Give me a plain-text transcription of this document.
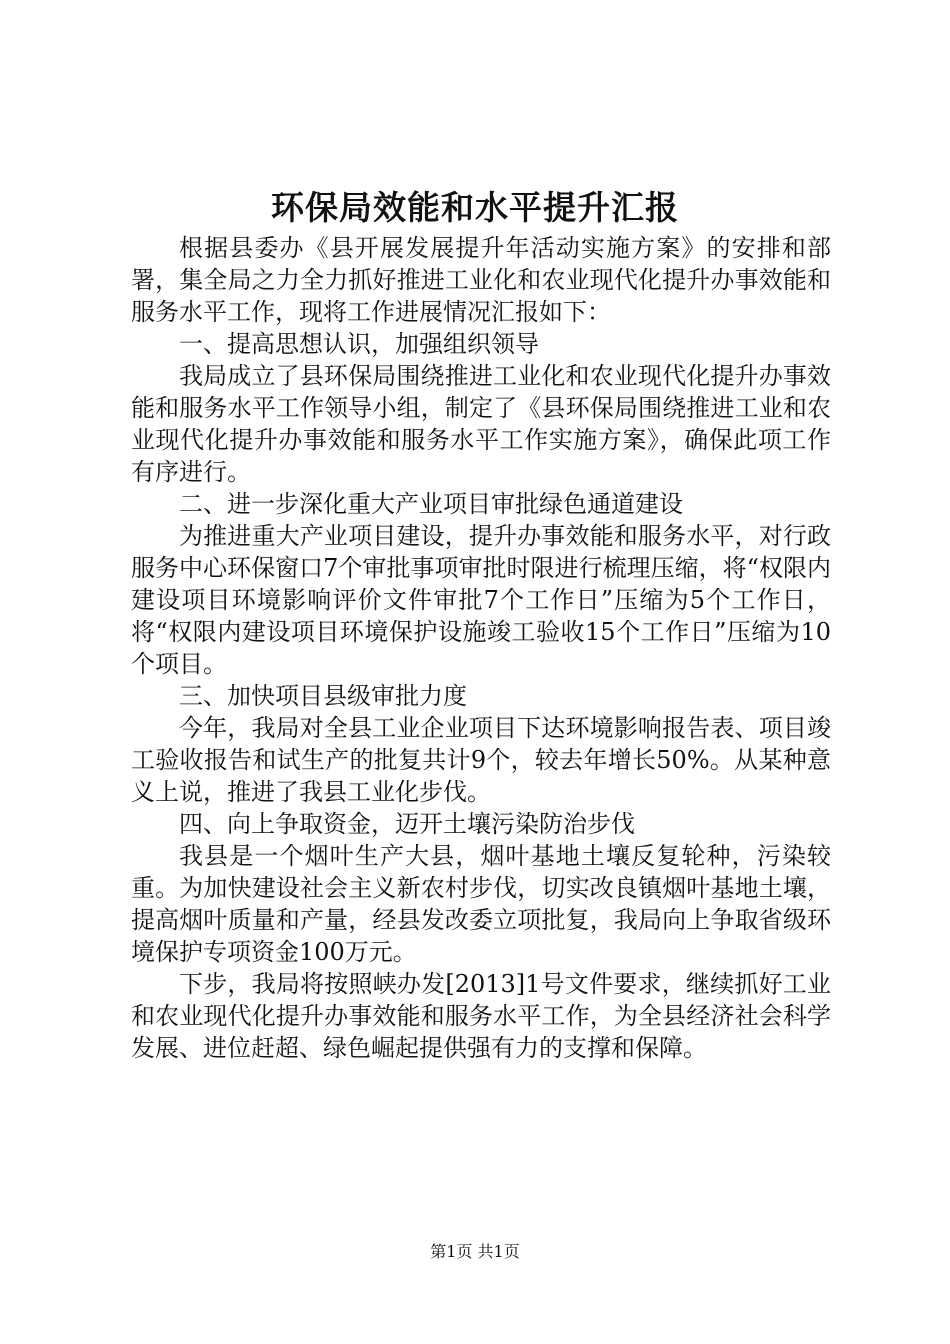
环保局效能和水平提升汇报

根据县委办《县开展发展提升年活动实施方案》的安排和部署，集全局之力全力抓好推进工业化和农业现代化提升办事效能和服务水平工作，现将工作进展情况汇报如下：

一、提高思想认识，加强组织领导

我局成立了县环保局围绕推进工业化和农业现代化提升办事效能和服务水平工作领导小组，制定了《县环保局围绕推进工业和农业现代化提升办事效能和服务水平工作实施方案》，确保此项工作有序进行。

二、进一步深化重大产业项目审批绿色通道建设

为推进重大产业项目建设，提升办事效能和服务水平，对行政服务中心环保窗口7个审批事项审批时限进行梳理压缩，将“权限内建设项目环境影响评价文件审批7个工作日”压缩为5个工作日，将“权限内建设项目环境保护设施竣工验收15个工作日”压缩为10个项目。

三、加快项目县级审批力度

今年，我局对全县工业企业项目下达环境影响报告表、项目竣工验收报告和试生产的批复共计9个，较去年增长50%。从某种意义上说，推进了我县工业化步伐。

四、向上争取资金，迈开土壤污染防治步伐

我县是一个烟叶生产大县，烟叶基地土壤反复轮种，污染较重。为加快建设社会主义新农村步伐，切实改良镇烟叶基地土壤，提高烟叶质量和产量，经县发改委立项批复，我局向上争取省级环境保护专项资金100万元。

下步，我局将按照峡办发[2013]1号文件要求，继续抓好工业和农业现代化提升办事效能和服务水平工作，为全县经济社会科学发展、进位赶超、绿色崛起提供强有力的支撑和保障。

第1页 共1页
